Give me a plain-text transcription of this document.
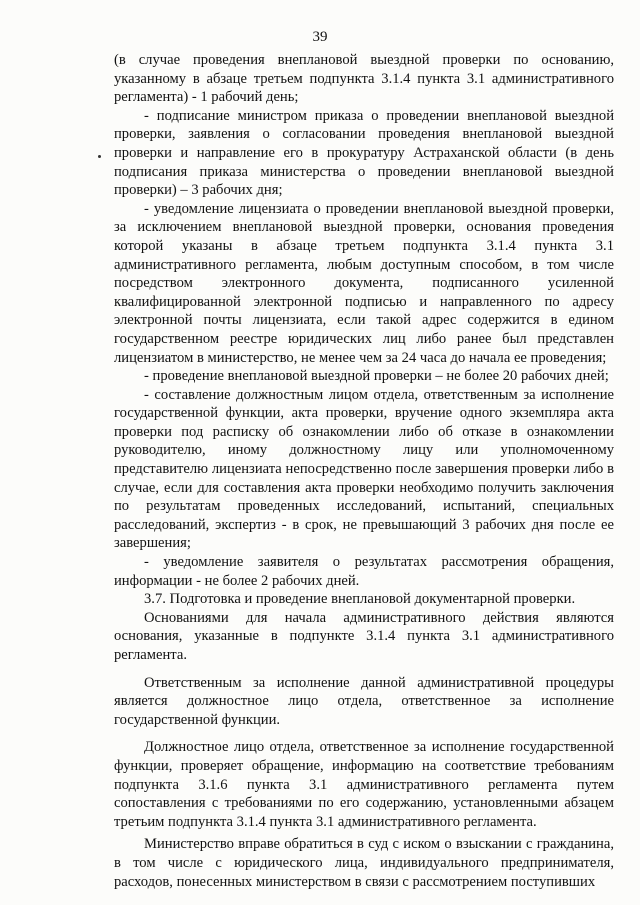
39

(в случае проведения внеплановой выездной проверки по основанию, указанному в абзаце третьем подпункта 3.1.4 пункта 3.1 административного регламента) - 1 рабочий день;

- подписание министром приказа о проведении внеплановой выездной проверки, заявления о согласовании проведения внеплановой выездной проверки и направление его в прокуратуру Астраханской области (в день подписания приказа министерства о проведении внеплановой выездной проверки) – 3 рабочих дня;

- уведомление лицензиата о проведении внеплановой выездной проверки, за исключением внеплановой выездной проверки, основания проведения которой указаны в абзаце третьем подпункта 3.1.4 пункта 3.1 административного регламента, любым доступным способом, в том числе посредством электронного документа, подписанного усиленной квалифицированной электронной подписью и направленного по адресу электронной почты лицензиата, если такой адрес содержится в едином государственном реестре юридических лиц либо ранее был представлен лицензиатом в министерство, не менее чем за 24 часа до начала ее проведения;

- проведение внеплановой выездной проверки – не более 20 рабочих дней;

- составление должностным лицом отдела, ответственным за исполнение государственной функции, акта проверки, вручение одного экземпляра акта проверки под расписку об ознакомлении либо об отказе в ознакомлении руководителю, иному должностному лицу или уполномоченному представителю лицензиата непосредственно после завершения проверки либо в случае, если для составления акта проверки необходимо получить заключения по результатам проведенных исследований, испытаний, специальных расследований, экспертиз - в срок, не превышающий 3 рабочих дня после ее завершения;

- уведомление заявителя о результатах рассмотрения обращения, информации - не более 2 рабочих дней.

3.7. Подготовка и проведение внеплановой документарной проверки.

Основаниями для начала административного действия являются основания, указанные в подпункте 3.1.4 пункта 3.1 административного регламента.

Ответственным за исполнение данной административной процедуры является должностное лицо отдела, ответственное за исполнение государственной функции.

Должностное лицо отдела, ответственное за исполнение государственной функции, проверяет обращение, информацию на соответствие требованиям подпункта 3.1.6 пункта 3.1 административного регламента путем сопоставления с требованиями по его содержанию, установленными абзацем третьим подпункта 3.1.4 пункта 3.1 административного регламента.

Министерство вправе обратиться в суд с иском о взыскании с гражданина, в том числе с юридического лица, индивидуального предпринимателя, расходов, понесенных министерством в связи с рассмотрением поступивших
